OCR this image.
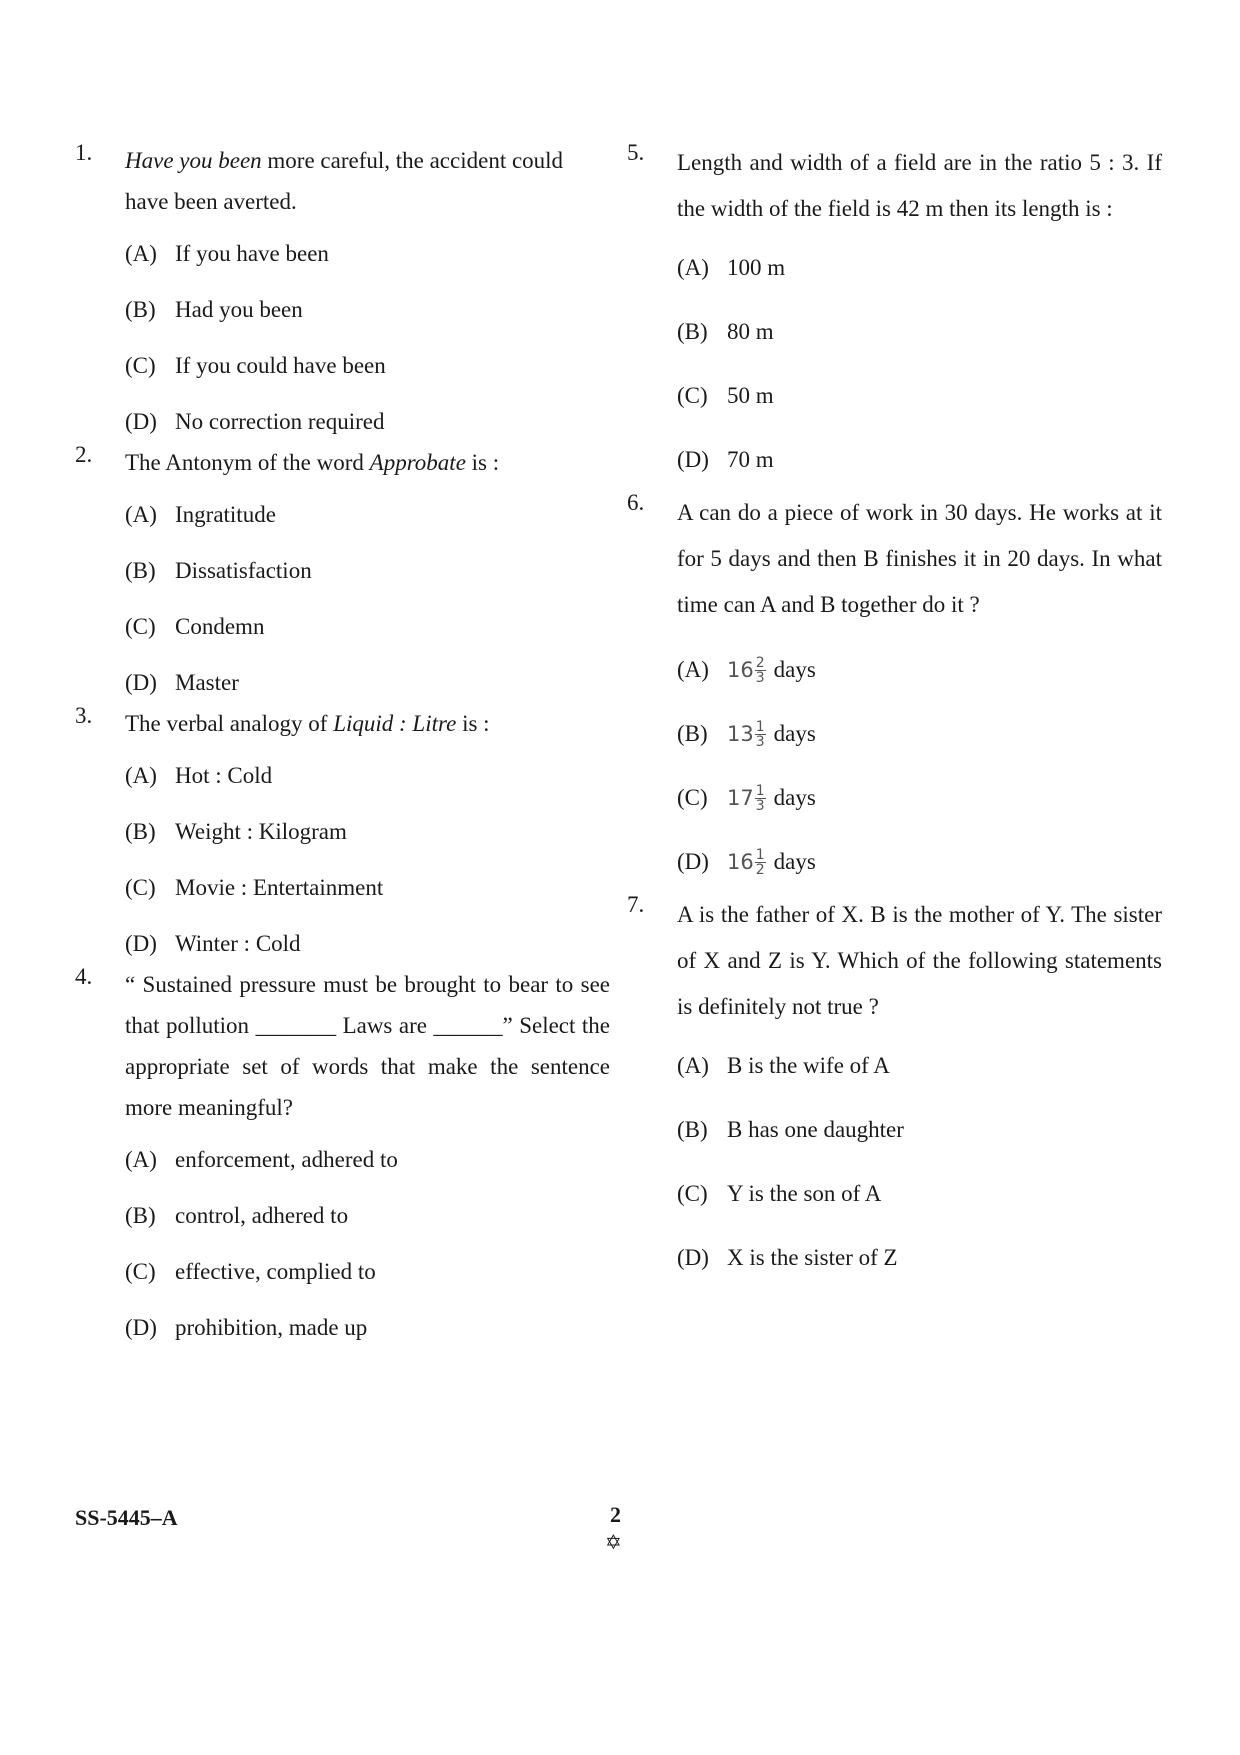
1. Have you been more careful, the accident could have been averted.
(A) If you have been
(B) Had you been
(C) If you could have been
(D) No correction required
2. The Antonym of the word Approbate is :
(A) Ingratitude
(B) Dissatisfaction
(C) Condemn
(D) Master
3. The verbal analogy of Liquid : Litre is :
(A) Hot : Cold
(B) Weight : Kilogram
(C) Movie : Entertainment
(D) Winter : Cold
4. “ Sustained pressure must be brought to bear to see that pollution _______ Laws are ______” Select the appropriate set of words that make the sentence more meaningful?
(A) enforcement, adhered to
(B) control, adhered to
(C) effective, complied to
(D) prohibition, made up
5. Length and width of a field are in the ratio 5 : 3. If the width of the field is 42 m then its length is :
(A) 100 m
(B) 80 m
(C) 50 m
(D) 70 m
6. A can do a piece of work in 30 days. He works at it for 5 days and then B finishes it in 20 days. In what time can A and B together do it ?
(A) $16 \frac{2}{3}$ days
(B) $13 \frac{1}{3}$ days
(C) $17 \frac{1}{3}$ days
(D) $16 \frac{1}{2}$ days
7. A is the father of X. B is the mother of Y. The sister of X and Z is Y. Which of the following statements is definitely not true ?
(A) B is the wife of A
(B) B has one daughter
(C) Y is the son of A
(D) X is the sister of Z
SS-5445–A	2
✡
